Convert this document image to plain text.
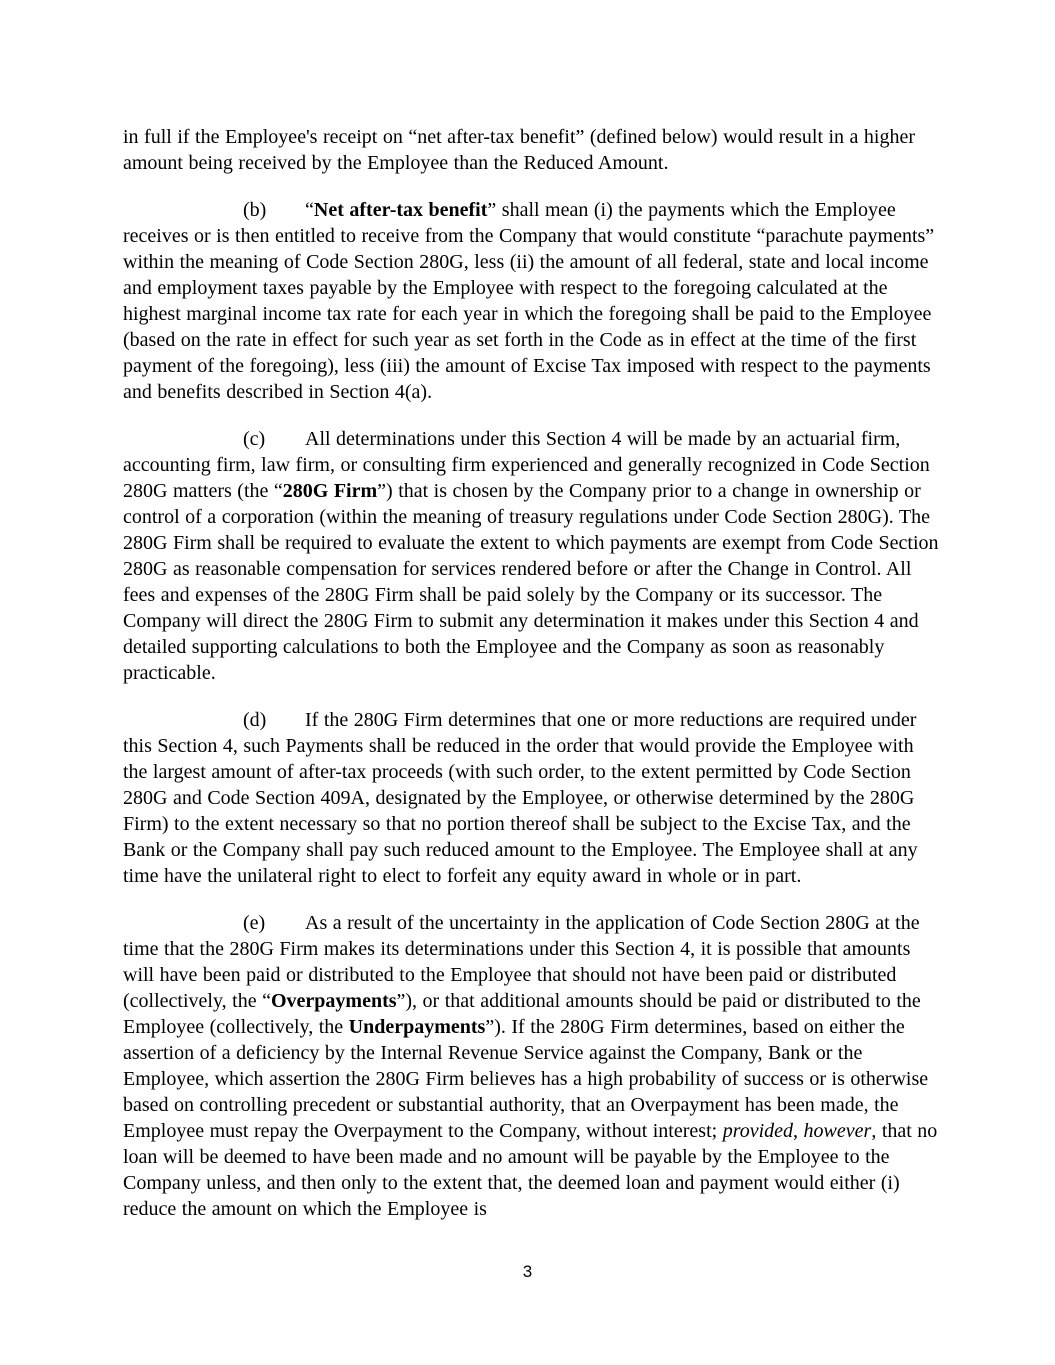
in full if the Employee's receipt on “net after-tax benefit” (defined below) would result in a higher amount being received by the Employee than the Reduced Amount.

(b) “Net after-tax benefit” shall mean (i) the payments which the Employee receives or is then entitled to receive from the Company that would constitute “parachute payments” within the meaning of Code Section 280G, less (ii) the amount of all federal, state and local income and employment taxes payable by the Employee with respect to the foregoing calculated at the highest marginal income tax rate for each year in which the foregoing shall be paid to the Employee (based on the rate in effect for such year as set forth in the Code as in effect at the time of the first payment of the foregoing), less (iii) the amount of Excise Tax imposed with respect to the payments and benefits described in Section 4(a).

(c) All determinations under this Section 4 will be made by an actuarial firm, accounting firm, law firm, or consulting firm experienced and generally recognized in Code Section 280G matters (the “280G Firm”) that is chosen by the Company prior to a change in ownership or control of a corporation (within the meaning of treasury regulations under Code Section 280G). The 280G Firm shall be required to evaluate the extent to which payments are exempt from Code Section 280G as reasonable compensation for services rendered before or after the Change in Control. All fees and expenses of the 280G Firm shall be paid solely by the Company or its successor. The Company will direct the 280G Firm to submit any determination it makes under this Section 4 and detailed supporting calculations to both the Employee and the Company as soon as reasonably practicable.

(d) If the 280G Firm determines that one or more reductions are required under this Section 4, such Payments shall be reduced in the order that would provide the Employee with the largest amount of after-tax proceeds (with such order, to the extent permitted by Code Section 280G and Code Section 409A, designated by the Employee, or otherwise determined by the 280G Firm) to the extent necessary so that no portion thereof shall be subject to the Excise Tax, and the Bank or the Company shall pay such reduced amount to the Employee. The Employee shall at any time have the unilateral right to elect to forfeit any equity award in whole or in part.

(e) As a result of the uncertainty in the application of Code Section 280G at the time that the 280G Firm makes its determinations under this Section 4, it is possible that amounts will have been paid or distributed to the Employee that should not have been paid or distributed (collectively, the “Overpayments”), or that additional amounts should be paid or distributed to the Employee (collectively, the Underpayments”). If the 280G Firm determines, based on either the assertion of a deficiency by the Internal Revenue Service against the Company, Bank or the Employee, which assertion the 280G Firm believes has a high probability of success or is otherwise based on controlling precedent or substantial authority, that an Overpayment has been made, the Employee must repay the Overpayment to the Company, without interest; provided, however, that no loan will be deemed to have been made and no amount will be payable by the Employee to the Company unless, and then only to the extent that, the deemed loan and payment would either (i) reduce the amount on which the Employee is

3
